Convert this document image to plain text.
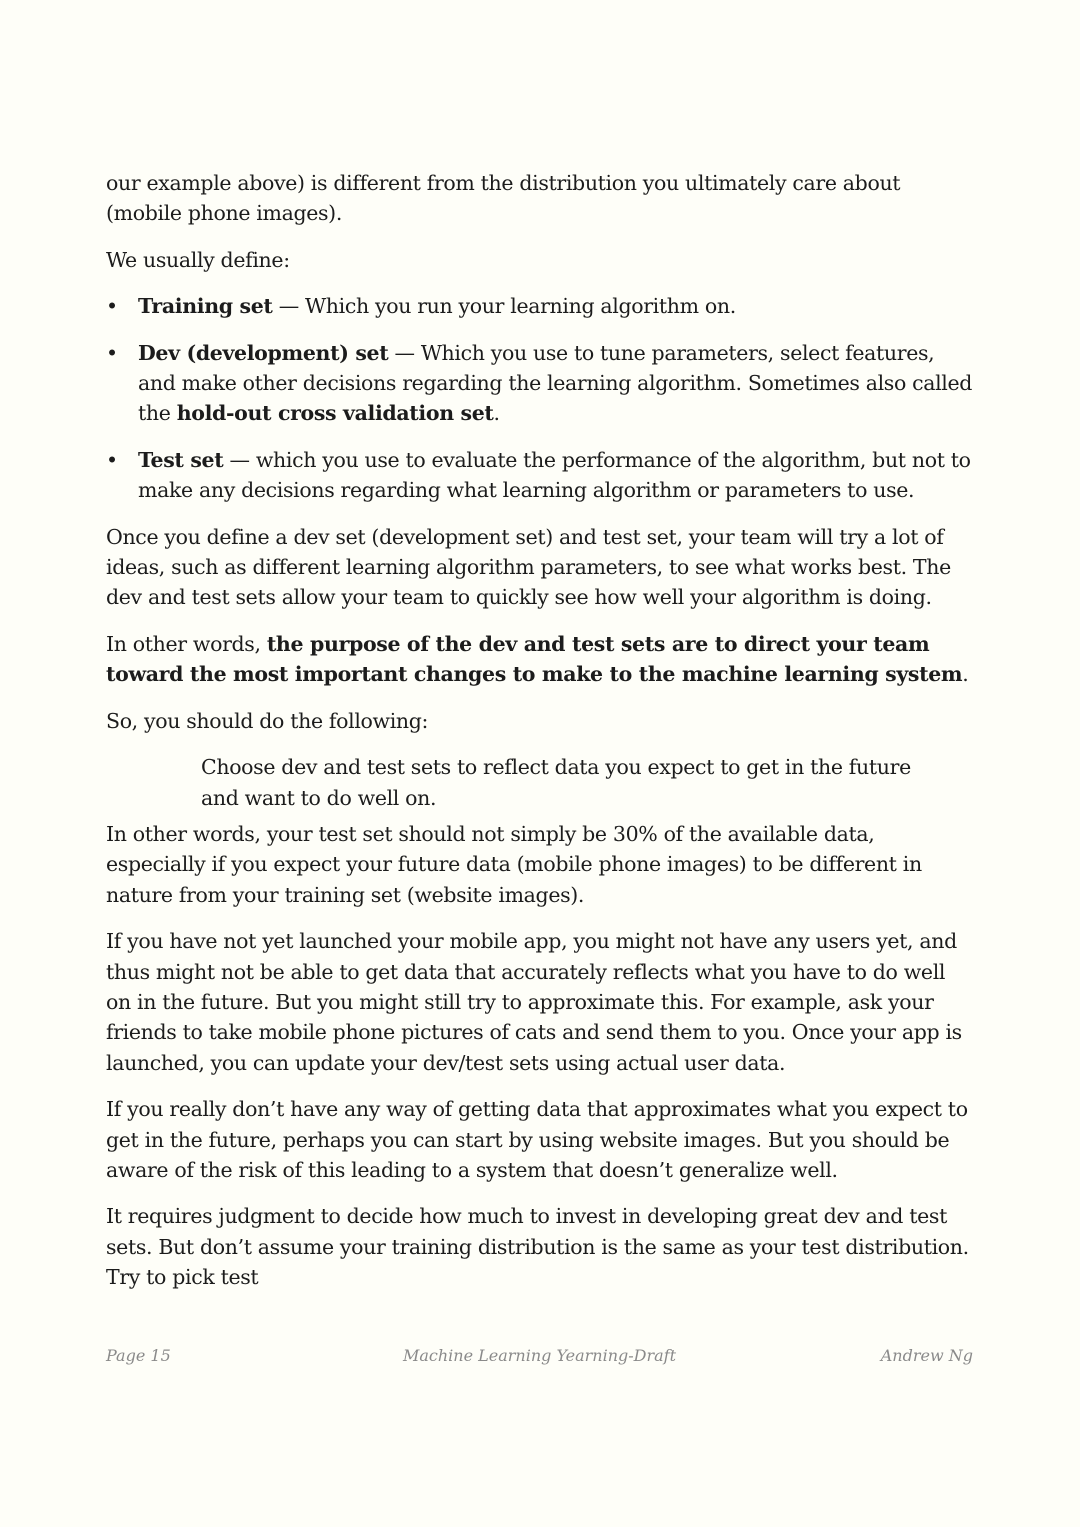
our example above) is different from the distribution you ultimately care about (mobile phone images).

We usually define:

• Training set — Which you run your learning algorithm on.
• Dev (development) set — Which you use to tune parameters, select features, and make other decisions regarding the learning algorithm. Sometimes also called the hold-out cross validation set.
• Test set — which you use to evaluate the performance of the algorithm, but not to make any decisions regarding what learning algorithm or parameters to use.

Once you define a dev set (development set) and test set, your team will try a lot of ideas, such as different learning algorithm parameters, to see what works best. The dev and test sets allow your team to quickly see how well your algorithm is doing.

In other words, the purpose of the dev and test sets are to direct your team toward the most important changes to make to the machine learning system.

So, you should do the following:

Choose dev and test sets to reflect data you expect to get in the future
and want to do well on.

In other words, your test set should not simply be 30% of the available data, especially if you expect your future data (mobile phone images) to be different in nature from your training set (website images).

If you have not yet launched your mobile app, you might not have any users yet, and thus might not be able to get data that accurately reflects what you have to do well on in the future. But you might still try to approximate this. For example, ask your friends to take mobile phone pictures of cats and send them to you. Once your app is launched, you can update your dev/test sets using actual user data.

If you really don’t have any way of getting data that approximates what you expect to get in the future, perhaps you can start by using website images. But you should be aware of the risk of this leading to a system that doesn’t generalize well.

It requires judgment to decide how much to invest in developing great dev and test sets. But don’t assume your training distribution is the same as your test distribution. Try to pick test

Page 15	Machine Learning Yearning-Draft	Andrew Ng
